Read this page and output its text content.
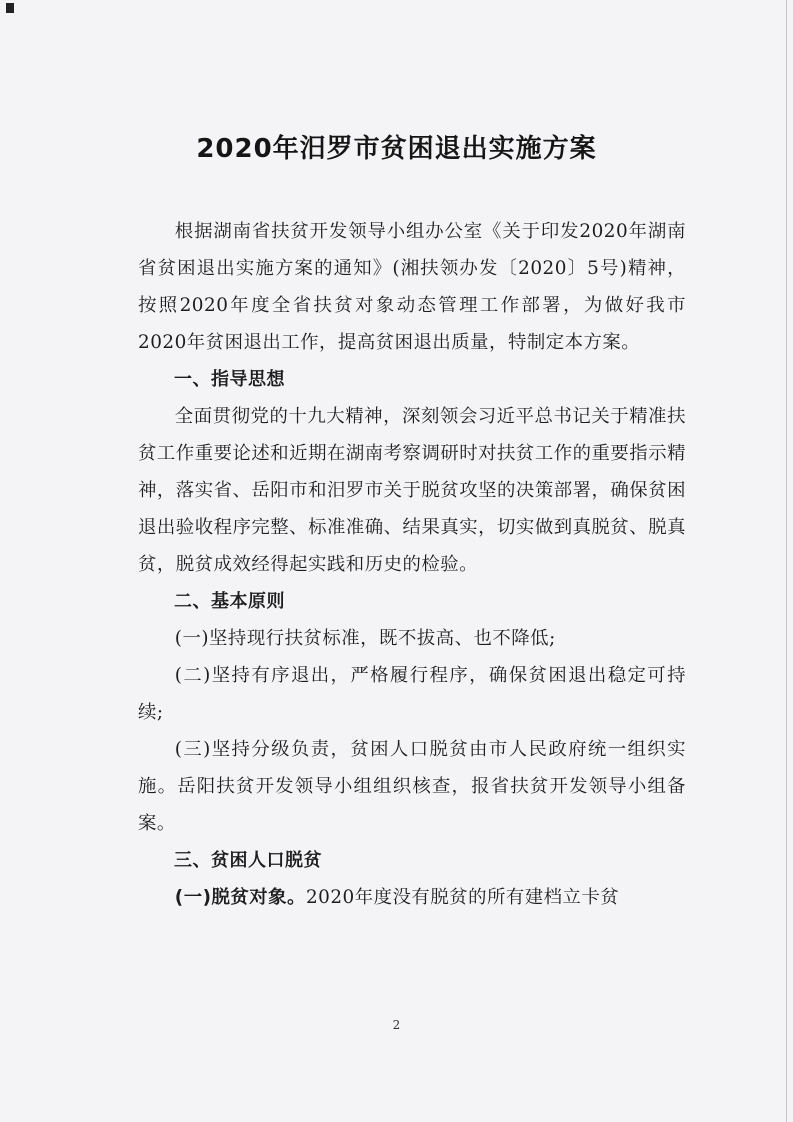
2020年汨罗市贫困退出实施方案

根据湖南省扶贫开发领导小组办公室《关于印发2020年湖南省贫困退出实施方案的通知》(湘扶领办发〔2020〕5号)精神，按照2020年度全省扶贫对象动态管理工作部署，为做好我市2020年贫困退出工作，提高贫困退出质量，特制定本方案。

一、指导思想

全面贯彻党的十九大精神，深刻领会习近平总书记关于精准扶贫工作重要论述和近期在湖南考察调研时对扶贫工作的重要指示精神，落实省、岳阳市和汨罗市关于脱贫攻坚的决策部署，确保贫困退出验收程序完整、标准准确、结果真实，切实做到真脱贫、脱真贫，脱贫成效经得起实践和历史的检验。

二、基本原则

(一)坚持现行扶贫标准，既不拔高、也不降低;

(二)坚持有序退出，严格履行程序，确保贫困退出稳定可持续;

(三)坚持分级负责，贫困人口脱贫由市人民政府统一组织实施。岳阳扶贫开发领导小组组织核查，报省扶贫开发领导小组备案。

三、贫困人口脱贫

(一)脱贫对象。2020年度没有脱贫的所有建档立卡贫

2
